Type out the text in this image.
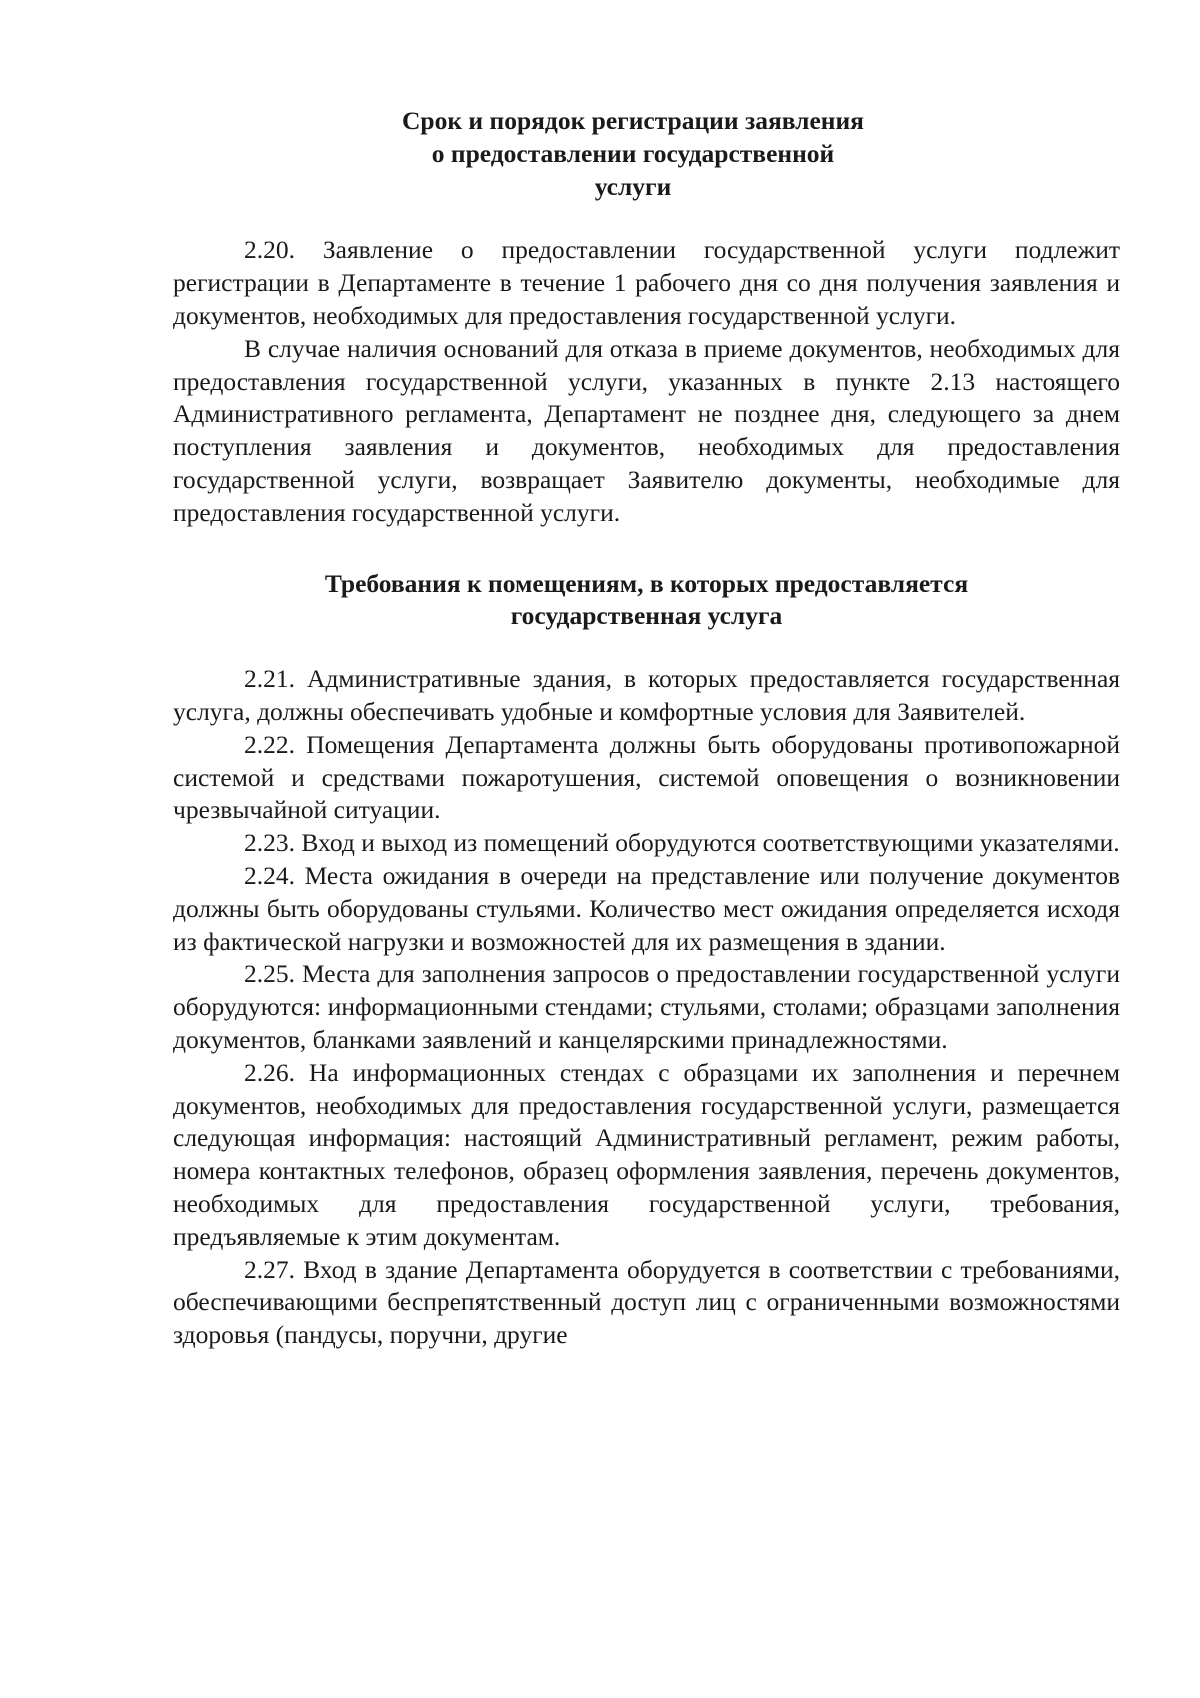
Срок и порядок регистрации заявления
о предоставлении государственной
услуги

2.20. Заявление о предоставлении государственной услуги подлежит регистрации в Департаменте в течение 1 рабочего дня со дня получения заявления и документов, необходимых для предоставления государственной услуги.

В случае наличия оснований для отказа в приеме документов, необходимых для предоставления государственной услуги, указанных в пункте 2.13 настоящего Административного регламента, Департамент не позднее дня, следующего за днем поступления заявления и документов, необходимых для предоставления государственной услуги, возвращает Заявителю документы, необходимые для предоставления государственной услуги.

Требования к помещениям, в которых предоставляется
государственная услуга

2.21. Административные здания, в которых предоставляется государственная услуга, должны обеспечивать удобные и комфортные условия для Заявителей.

2.22. Помещения Департамента должны быть оборудованы противопожарной системой и средствами пожаротушения, системой оповещения о возникновении чрезвычайной ситуации.

2.23. Вход и выход из помещений оборудуются соответствующими указателями.

2.24. Места ожидания в очереди на представление или получение документов должны быть оборудованы стульями. Количество мест ожидания определяется исходя из фактической нагрузки и возможностей для их размещения в здании.

2.25. Места для заполнения запросов о предоставлении государственной услуги оборудуются: информационными стендами; стульями, столами; образцами заполнения документов, бланками заявлений и канцелярскими принадлежностями.

2.26. На информационных стендах с образцами их заполнения и перечнем документов, необходимых для предоставления государственной услуги, размещается следующая информация: настоящий Административный регламент, режим работы, номера контактных телефонов, образец оформления заявления, перечень документов, необходимых для предоставления государственной услуги, требования, предъявляемые к этим документам.

2.27. Вход в здание Департамента оборудуется в соответствии с требованиями, обеспечивающими беспрепятственный доступ лиц с ограниченными возможностями здоровья (пандусы, поручни, другие
